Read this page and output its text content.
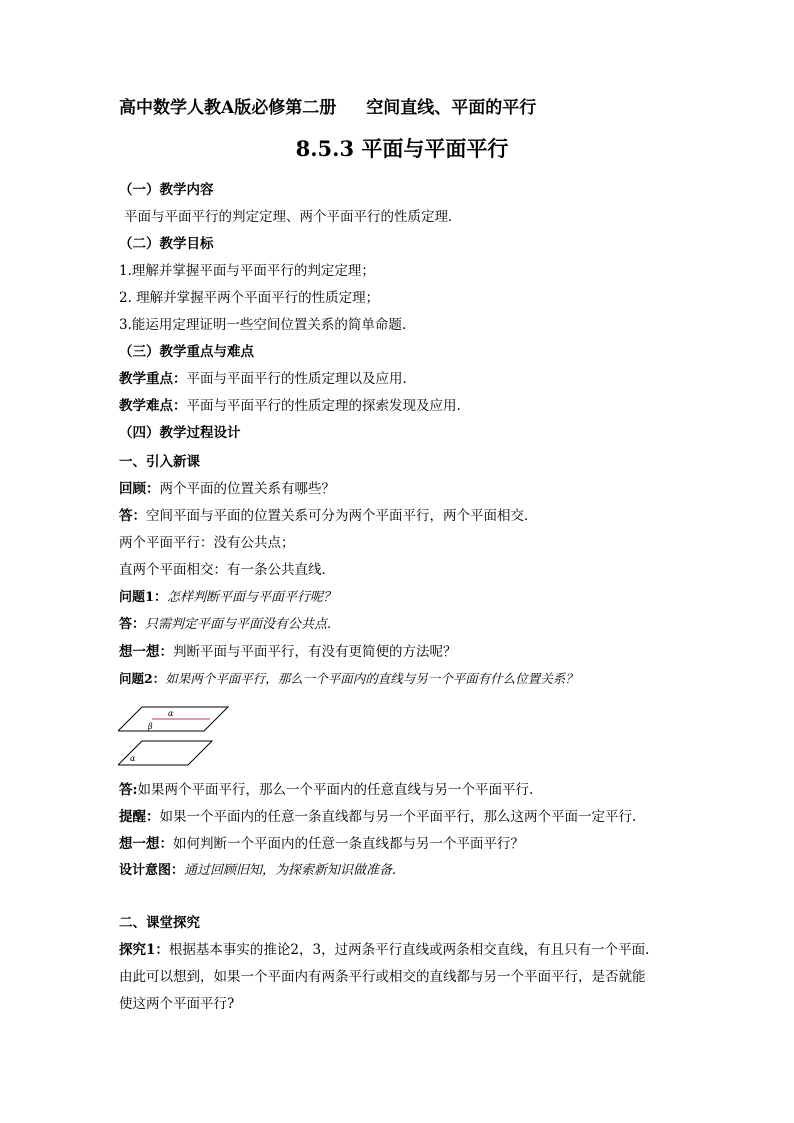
高中数学人教A版必修第二册 空间直线、平面的平行
8.5.3 平面与平面平行
（一）教学内容
平面与平面平行的判定定理、两个平面平行的性质定理．
（二）教学目标
1.理解并掌握平面与平面平行的判定定理；
2. 理解并掌握平两个平面平行的性质定理；
3.能运用定理证明一些空间位置关系的简单命题.
（三）教学重点与难点
教学重点：平面与平面平行的性质定理以及应用.
教学难点：平面与平面平行的性质定理的探索发现及应用.
（四）教学过程设计
一、引入新课
回顾：两个平面的位置关系有哪些？
答：空间平面与平面的位置关系可分为两个平面平行，两个平面相交．
两个平面平行：没有公共点；
直两个平面相交：有一条公共直线．
问题1：怎样判断平面与平面平行呢？
答：只需判定平面与平面没有公共点.
想一想：判断平面与平面平行，有没有更简便的方法呢？
问题2：如果两个平面平行，那么一个平面内的直线与另一个平面有什么位置关系？
α
β
α
答:如果两个平面平行，那么一个平面内的任意直线与另一个平面平行.
提醒：如果一个平面内的任意一条直线都与另一个平面平行，那么这两个平面一定平行.
想一想：如何判断一个平面内的任意一条直线都与另一个平面平行？
设计意图：通过回顾旧知，为探索新知识做准备.
二、课堂探究
探究1：根据基本事实的推论2，3，过两条平行直线或两条相交直线，有且只有一个平面.
由此可以想到，如果一个平面内有两条平行或相交的直线都与另一个平面平行，是否就能
使这两个平面平行?
